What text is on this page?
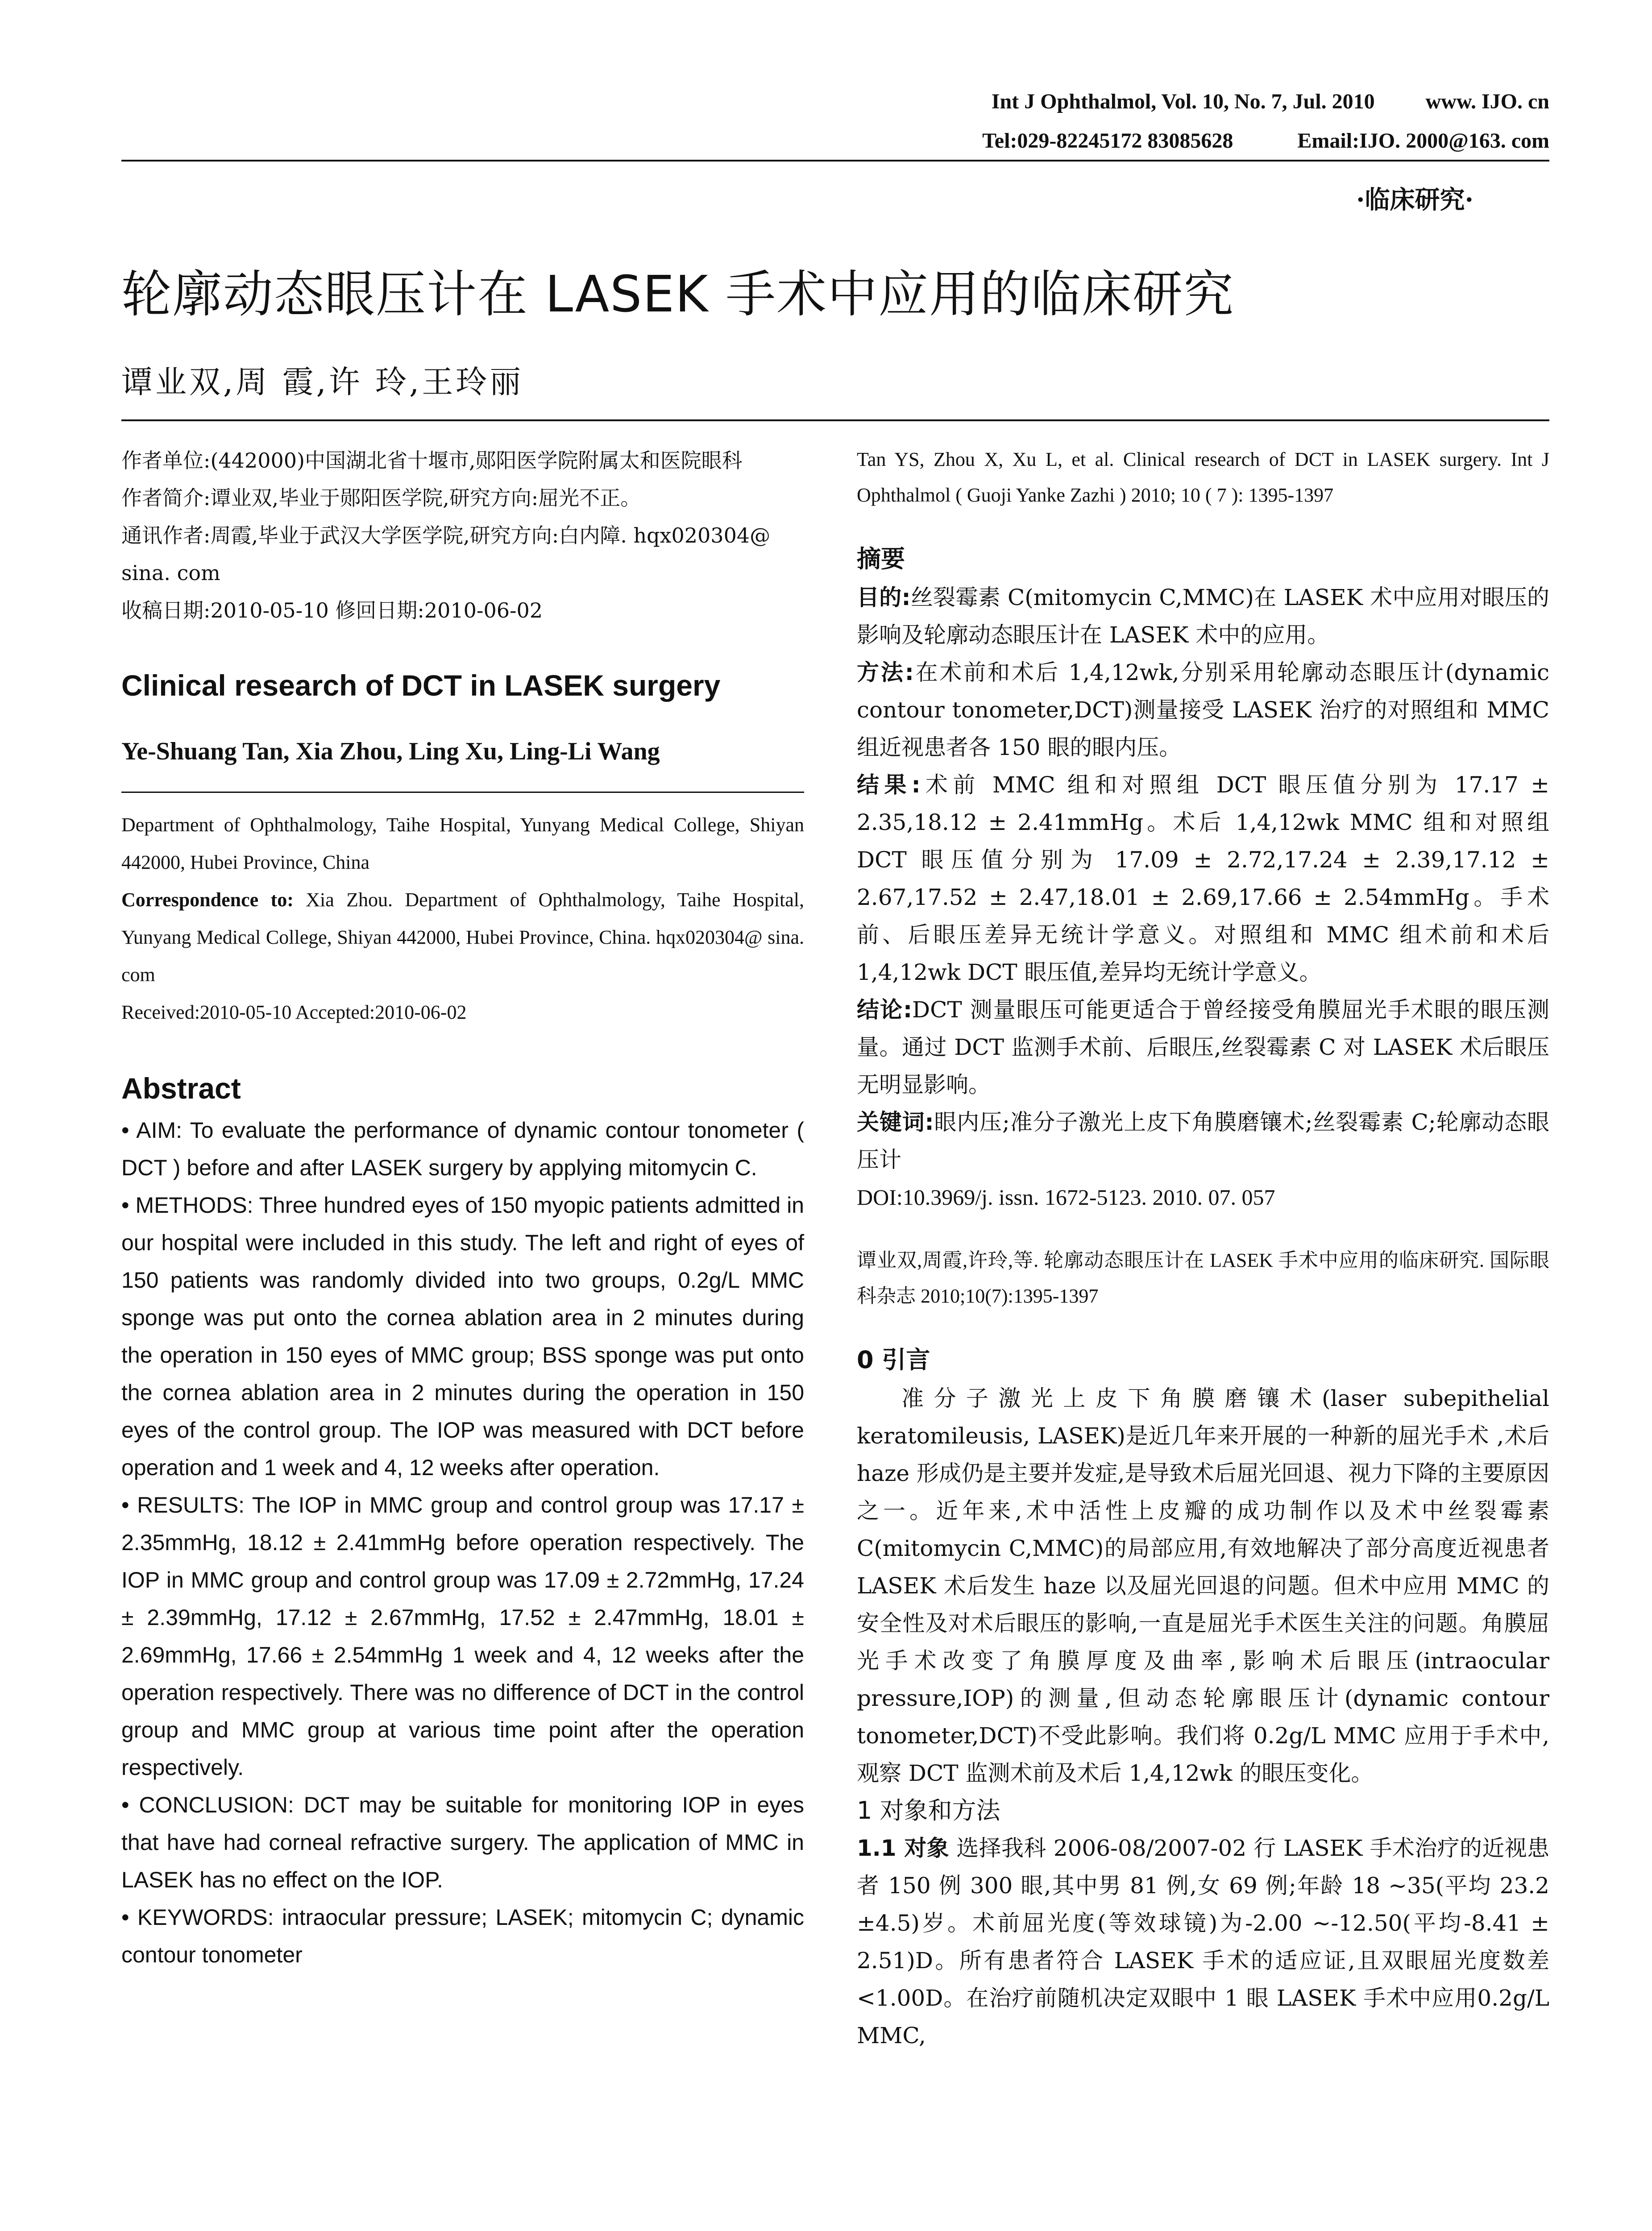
Int J Ophthalmol, Vol. 10, No. 7, Jul. 2010 www. IJO. cn
Tel:029-82245172 83085628	Email:IJO. 2000@163. com
·临床研究·
轮廓动态眼压计在 LASEK 手术中应用的临床研究
谭业双,周 霞,许 玲,王玲丽

作者单位:(442000)中国湖北省十堰市,郧阳医学院附属太和医院眼科

作者简介:谭业双,毕业于郧阳医学院,研究方向:屈光不正。

通讯作者:周霞,毕业于武汉大学医学院,研究方向:白内障. hqx020304@ sina. com

收稿日期:2010-05-10 修回日期:2010-06-02

Clinical research of DCT in LASEK surgery
Ye-Shuang Tan, Xia Zhou, Ling Xu, Ling-Li Wang

Department of Ophthalmology, Taihe Hospital, Yunyang Medical College, Shiyan 442000, Hubei Province, China

Correspondence to: Xia Zhou. Department of Ophthalmology, Taihe Hospital, Yunyang Medical College, Shiyan 442000, Hubei Province, China. hqx020304@ sina. com

Received:2010-05-10 Accepted:2010-06-02

Abstract

• AIM: To evaluate the performance of dynamic contour tonometer ( DCT ) before and after LASEK surgery by applying mitomycin C.

• METHODS: Three hundred eyes of 150 myopic patients admitted in our hospital were included in this study. The left and right of eyes of 150 patients was randomly divided into two groups, 0.2g/L MMC sponge was put onto the cornea ablation area in 2 minutes during the operation in 150 eyes of MMC group; BSS sponge was put onto the cornea ablation area in 2 minutes during the operation in 150 eyes of the control group. The IOP was measured with DCT before operation and 1 week and 4, 12 weeks after operation.

• RESULTS: The IOP in MMC group and control group was 17.17 ± 2.35mmHg, 18.12 ± 2.41mmHg before operation respectively. The IOP in MMC group and control group was 17.09 ± 2.72mmHg, 17.24 ± 2.39mmHg, 17.12 ± 2.67mmHg, 17.52 ± 2.47mmHg, 18.01 ± 2.69mmHg, 17.66 ± 2.54mmHg 1 week and 4, 12 weeks after the operation respectively. There was no difference of DCT in the control group and MMC group at various time point after the operation respectively.

• CONCLUSION: DCT may be suitable for monitoring IOP in eyes that have had corneal refractive surgery. The application of MMC in LASEK has no effect on the IOP.

• KEYWORDS: intraocular pressure; LASEK; mitomycin C; dynamic contour tonometer

Tan YS, Zhou X, Xu L, et al. Clinical research of DCT in LASEK surgery. Int J Ophthalmol ( Guoji Yanke Zazhi ) 2010; 10 ( 7 ): 1395-1397

摘要

目的:丝裂霉素 C(mitomycin C,MMC)在 LASEK 术中应用对眼压的影响及轮廓动态眼压计在 LASEK 术中的应用。

方法:在术前和术后 1,4,12wk,分别采用轮廓动态眼压计(dynamic contour tonometer,DCT)测量接受 LASEK 治疗的对照组和 MMC 组近视患者各 150 眼的眼内压。

结果:术前 MMC 组和对照组 DCT 眼压值分别为 17.17 ± 2.35,18.12 ± 2.41mmHg。术后 1,4,12wk MMC 组和对照组 DCT 眼压值分别为 17.09 ± 2.72,17.24 ± 2.39,17.12 ± 2.67,17.52 ± 2.47,18.01 ± 2.69,17.66 ± 2.54mmHg。手术前、后眼压差异无统计学意义。对照组和 MMC 组术前和术后 1,4,12wk DCT 眼压值,差异均无统计学意义。

结论:DCT 测量眼压可能更适合于曾经接受角膜屈光手术眼的眼压测量。通过 DCT 监测手术前、后眼压,丝裂霉素 C 对 LASEK 术后眼压无明显影响。

关键词:眼内压;准分子激光上皮下角膜磨镶术;丝裂霉素 C;轮廓动态眼压计

DOI:10.3969/j. issn. 1672-5123. 2010. 07. 057

谭业双,周霞,许玲,等. 轮廓动态眼压计在 LASEK 手术中应用的临床研究. 国际眼科杂志 2010;10(7):1395-1397

0 引言

准分子激光上皮下角膜磨镶术(laser subepithelial keratomileusis, LASEK)是近几年来开展的一种新的屈光手术 ,术后 haze 形成仍是主要并发症,是导致术后屈光回退、视力下降的主要原因之一。近年来,术中活性上皮瓣的成功制作以及术中丝裂霉素 C(mitomycin C,MMC)的局部应用,有效地解决了部分高度近视患者 LASEK 术后发生 haze 以及屈光回退的问题。但术中应用 MMC 的安全性及对术后眼压的影响,一直是屈光手术医生关注的问题。角膜屈光手术改变了角膜厚度及曲率,影响术后眼压(intraocular pressure,IOP)的测量,但动态轮廓眼压计(dynamic contour tonometer,DCT)不受此影响。我们将 0.2g/L MMC 应用于手术中,观察 DCT 监测术前及术后 1,4,12wk 的眼压变化。

1 对象和方法

1.1 对象 选择我科 2006-08/2007-02 行 LASEK 手术治疗的近视患者 150 例 300 眼,其中男 81 例,女 69 例;年龄 18 ~35(平均 23.2 ±4.5)岁。术前屈光度(等效球镜)为-2.00 ~-12.50(平均-8.41 ± 2.51)D。所有患者符合 LASEK 手术的适应证,且双眼屈光度数差 <1.00D。在治疗前随机决定双眼中 1 眼 LASEK 手术中应用0.2g/L MMC,
